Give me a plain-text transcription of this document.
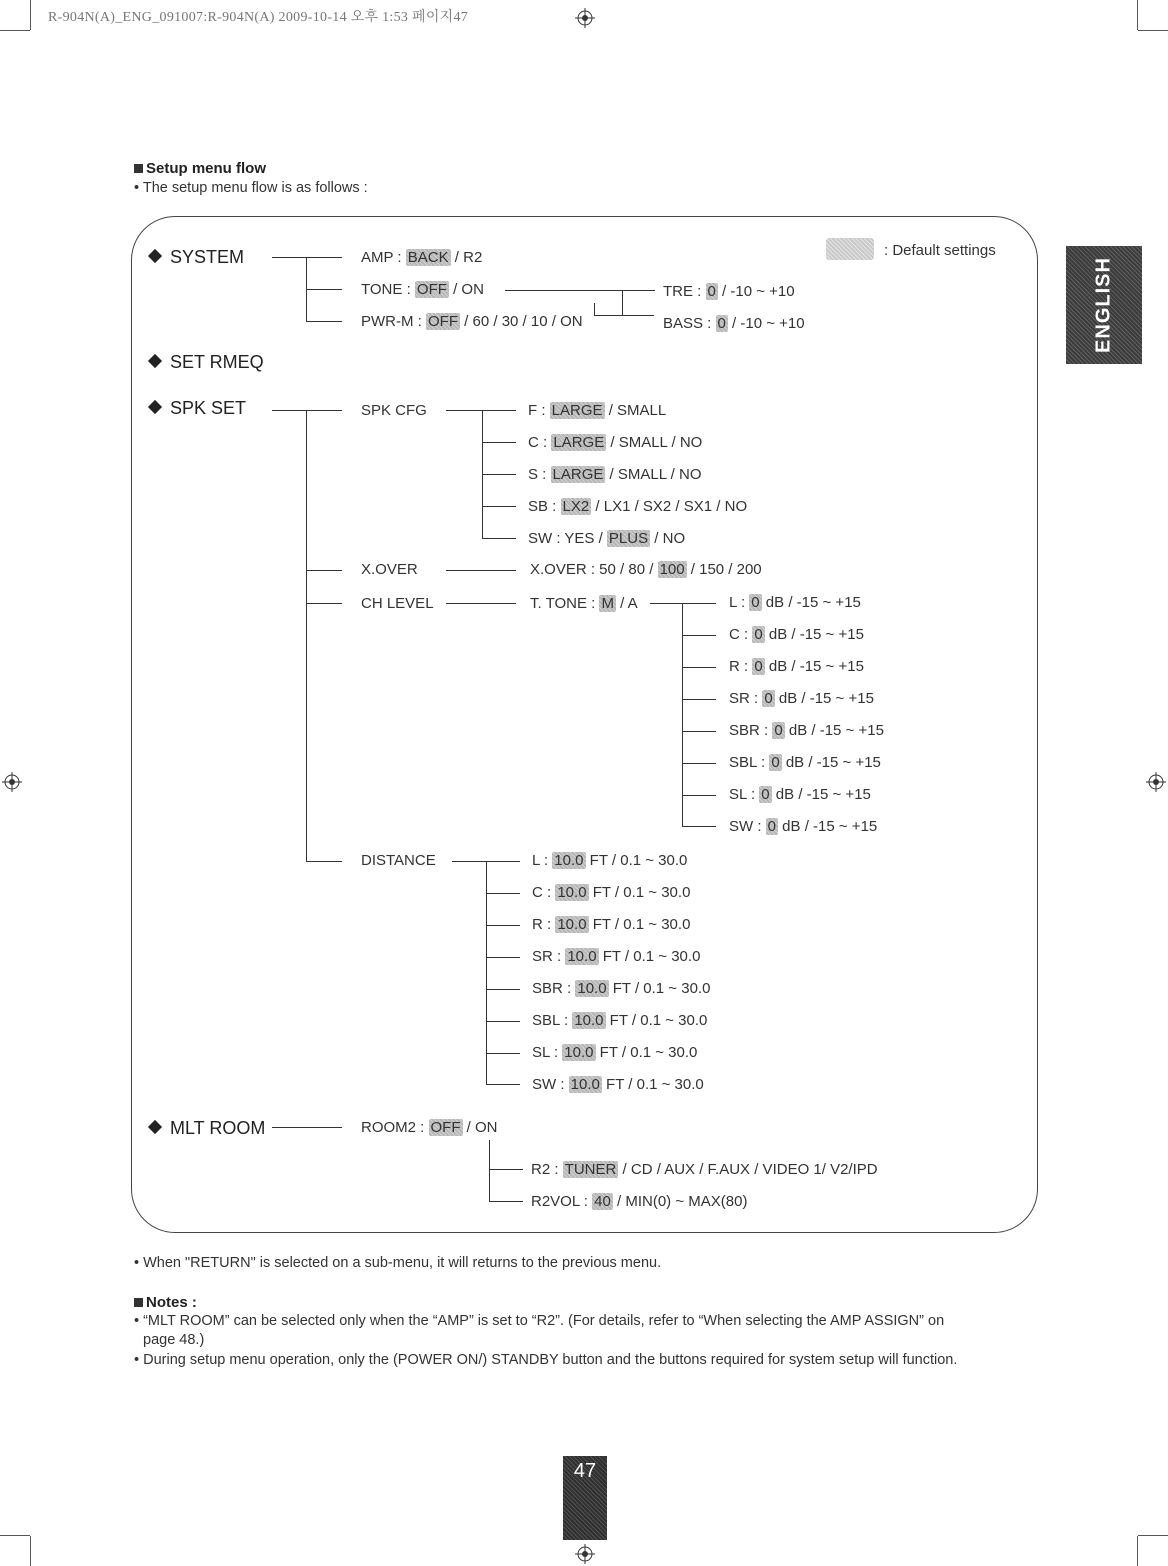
R-904N(A)_ENG_091007:R-904N(A) 2009-10-14 오후 1:53 페이지47
ENGLISH
Setup menu flow
• The setup menu flow is as follows :
: Default settings
SYSTEM
SET RMEQ
SPK SET
MLT ROOM
AMP : BACK / R2
TONE : OFF / ON
PWR-M : OFF / 60 / 30 / 10 / ON
TRE : 0 / -10 ~ +10
BASS : 0 / -10 ~ +10
SPK CFG
X.OVER
CH LEVEL
DISTANCE
F : LARGE / SMALL
C : LARGE / SMALL / NO
S : LARGE / SMALL / NO
SB : LX2 / LX1 / SX2 / SX1 / NO
SW : YES / PLUS / NO
X.OVER : 50 / 80 / 100 / 150 / 200
T. TONE : M / A	L : 0 dB / -15 ~ +15
C : 0 dB / -15 ~ +15
R : 0 dB / -15 ~ +15
SR : 0 dB / -15 ~ +15
SBR : 0 dB / -15 ~ +15
SBL : 0 dB / -15 ~ +15
SL : 0 dB / -15 ~ +15
SW : 0 dB / -15 ~ +15
L : 10.0 FT / 0.1 ~ 30.0
C : 10.0 FT / 0.1 ~ 30.0
R : 10.0 FT / 0.1 ~ 30.0
SR : 10.0 FT / 0.1 ~ 30.0
SBR : 10.0 FT / 0.1 ~ 30.0
SBL : 10.0 FT / 0.1 ~ 30.0
SL : 10.0 FT / 0.1 ~ 30.0
SW : 10.0 FT / 0.1 ~ 30.0
ROOM2 : OFF / ON
R2 : TUNER / CD / AUX / F.AUX / VIDEO 1/ V2/IPD
R2VOL : 40 / MIN(0) ~ MAX(80)
• When "RETURN" is selected on a sub-menu, it will returns to the previous menu.
Notes :
• “MLT ROOM” can be selected only when the “AMP” is set to “R2”. (For details, refer to “When selecting the AMP ASSIGN” on
page 48.)
• During setup menu operation, only the (POWER ON/) STANDBY button and the buttons required for system setup will function.
47
